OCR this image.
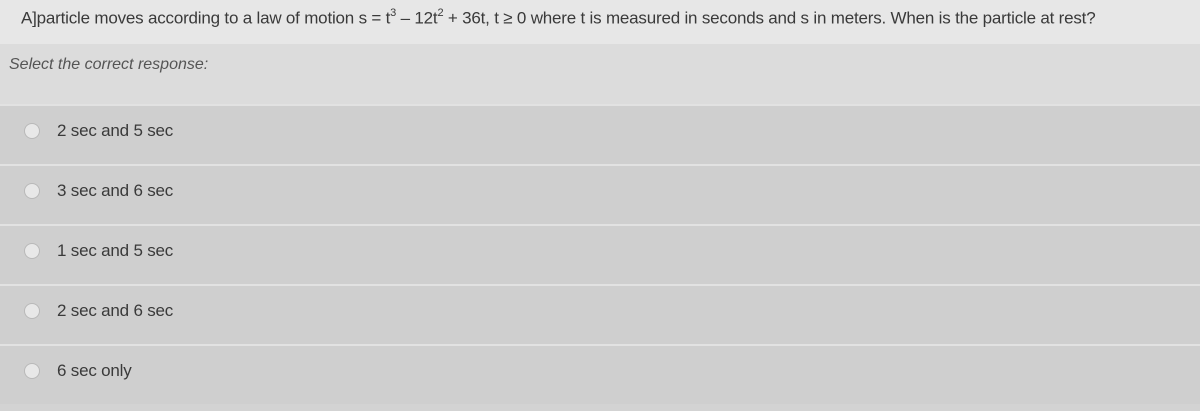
A]particle moves according to a law of motion $s = t^3 - 12t^2 + 36t$, t ≥ 0 where t is measured in seconds and s in meters. When is the particle at rest?
Select the correct response:
2 sec and 5 sec
3 sec and 6 sec
1 sec and 5 sec
2 sec and 6 sec
6 sec only
